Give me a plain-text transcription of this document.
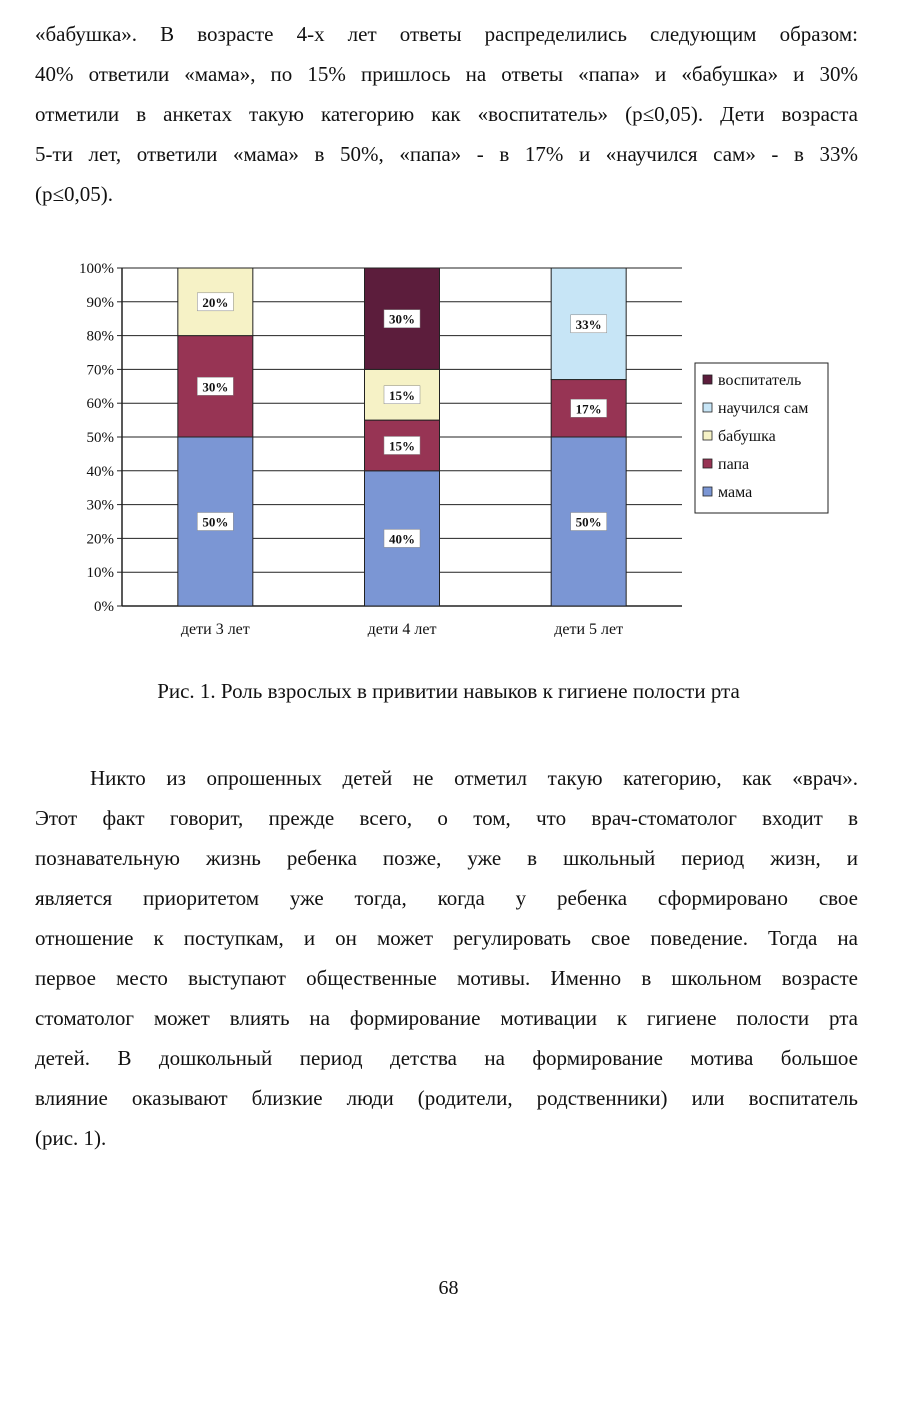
«бабушка». В возрасте 4-х лет ответы распределились следующим образом:
40% ответили «мама», по 15% пришлось на ответы «папа» и «бабушка» и 30%
отметили в анкетах такую категорию как «воспитатель» (p≤0,05). Дети возраста
5-ти лет, ответили «мама» в 50%, «папа» - в 17% и «научился сам» - в 33%
(p≤0,05).
0%
10%
20%
30%
40%
50%
60%
70%
80%
90%
100%
50%
30%
20%
дети 3 лет
40%
15%
15%
30%
дети 4 лет
50%
17%
33%
дети 5 лет
воспитатель
научился сам
бабушка
папа
мама
Рис. 1. Роль взрослых в привитии навыков к гигиене полости рта
Никто из опрошенных детей не отметил такую категорию, как «врач».
Этот факт говорит, прежде всего, о том, что врач-стоматолог входит в
познавательную жизнь ребенка позже, уже в школьный период жизн, и
является приоритетом уже тогда, когда у ребенка сформировано свое
отношение к поступкам, и он может регулировать свое поведение. Тогда на
первое место выступают общественные мотивы. Именно в школьном возрасте
стоматолог может влиять на формирование мотивации к гигиене полости рта
детей. В дошкольный период детства на формирование мотива большое
влияние оказывают близкие люди (родители, родственники) или воспитатель
(рис. 1).
68
